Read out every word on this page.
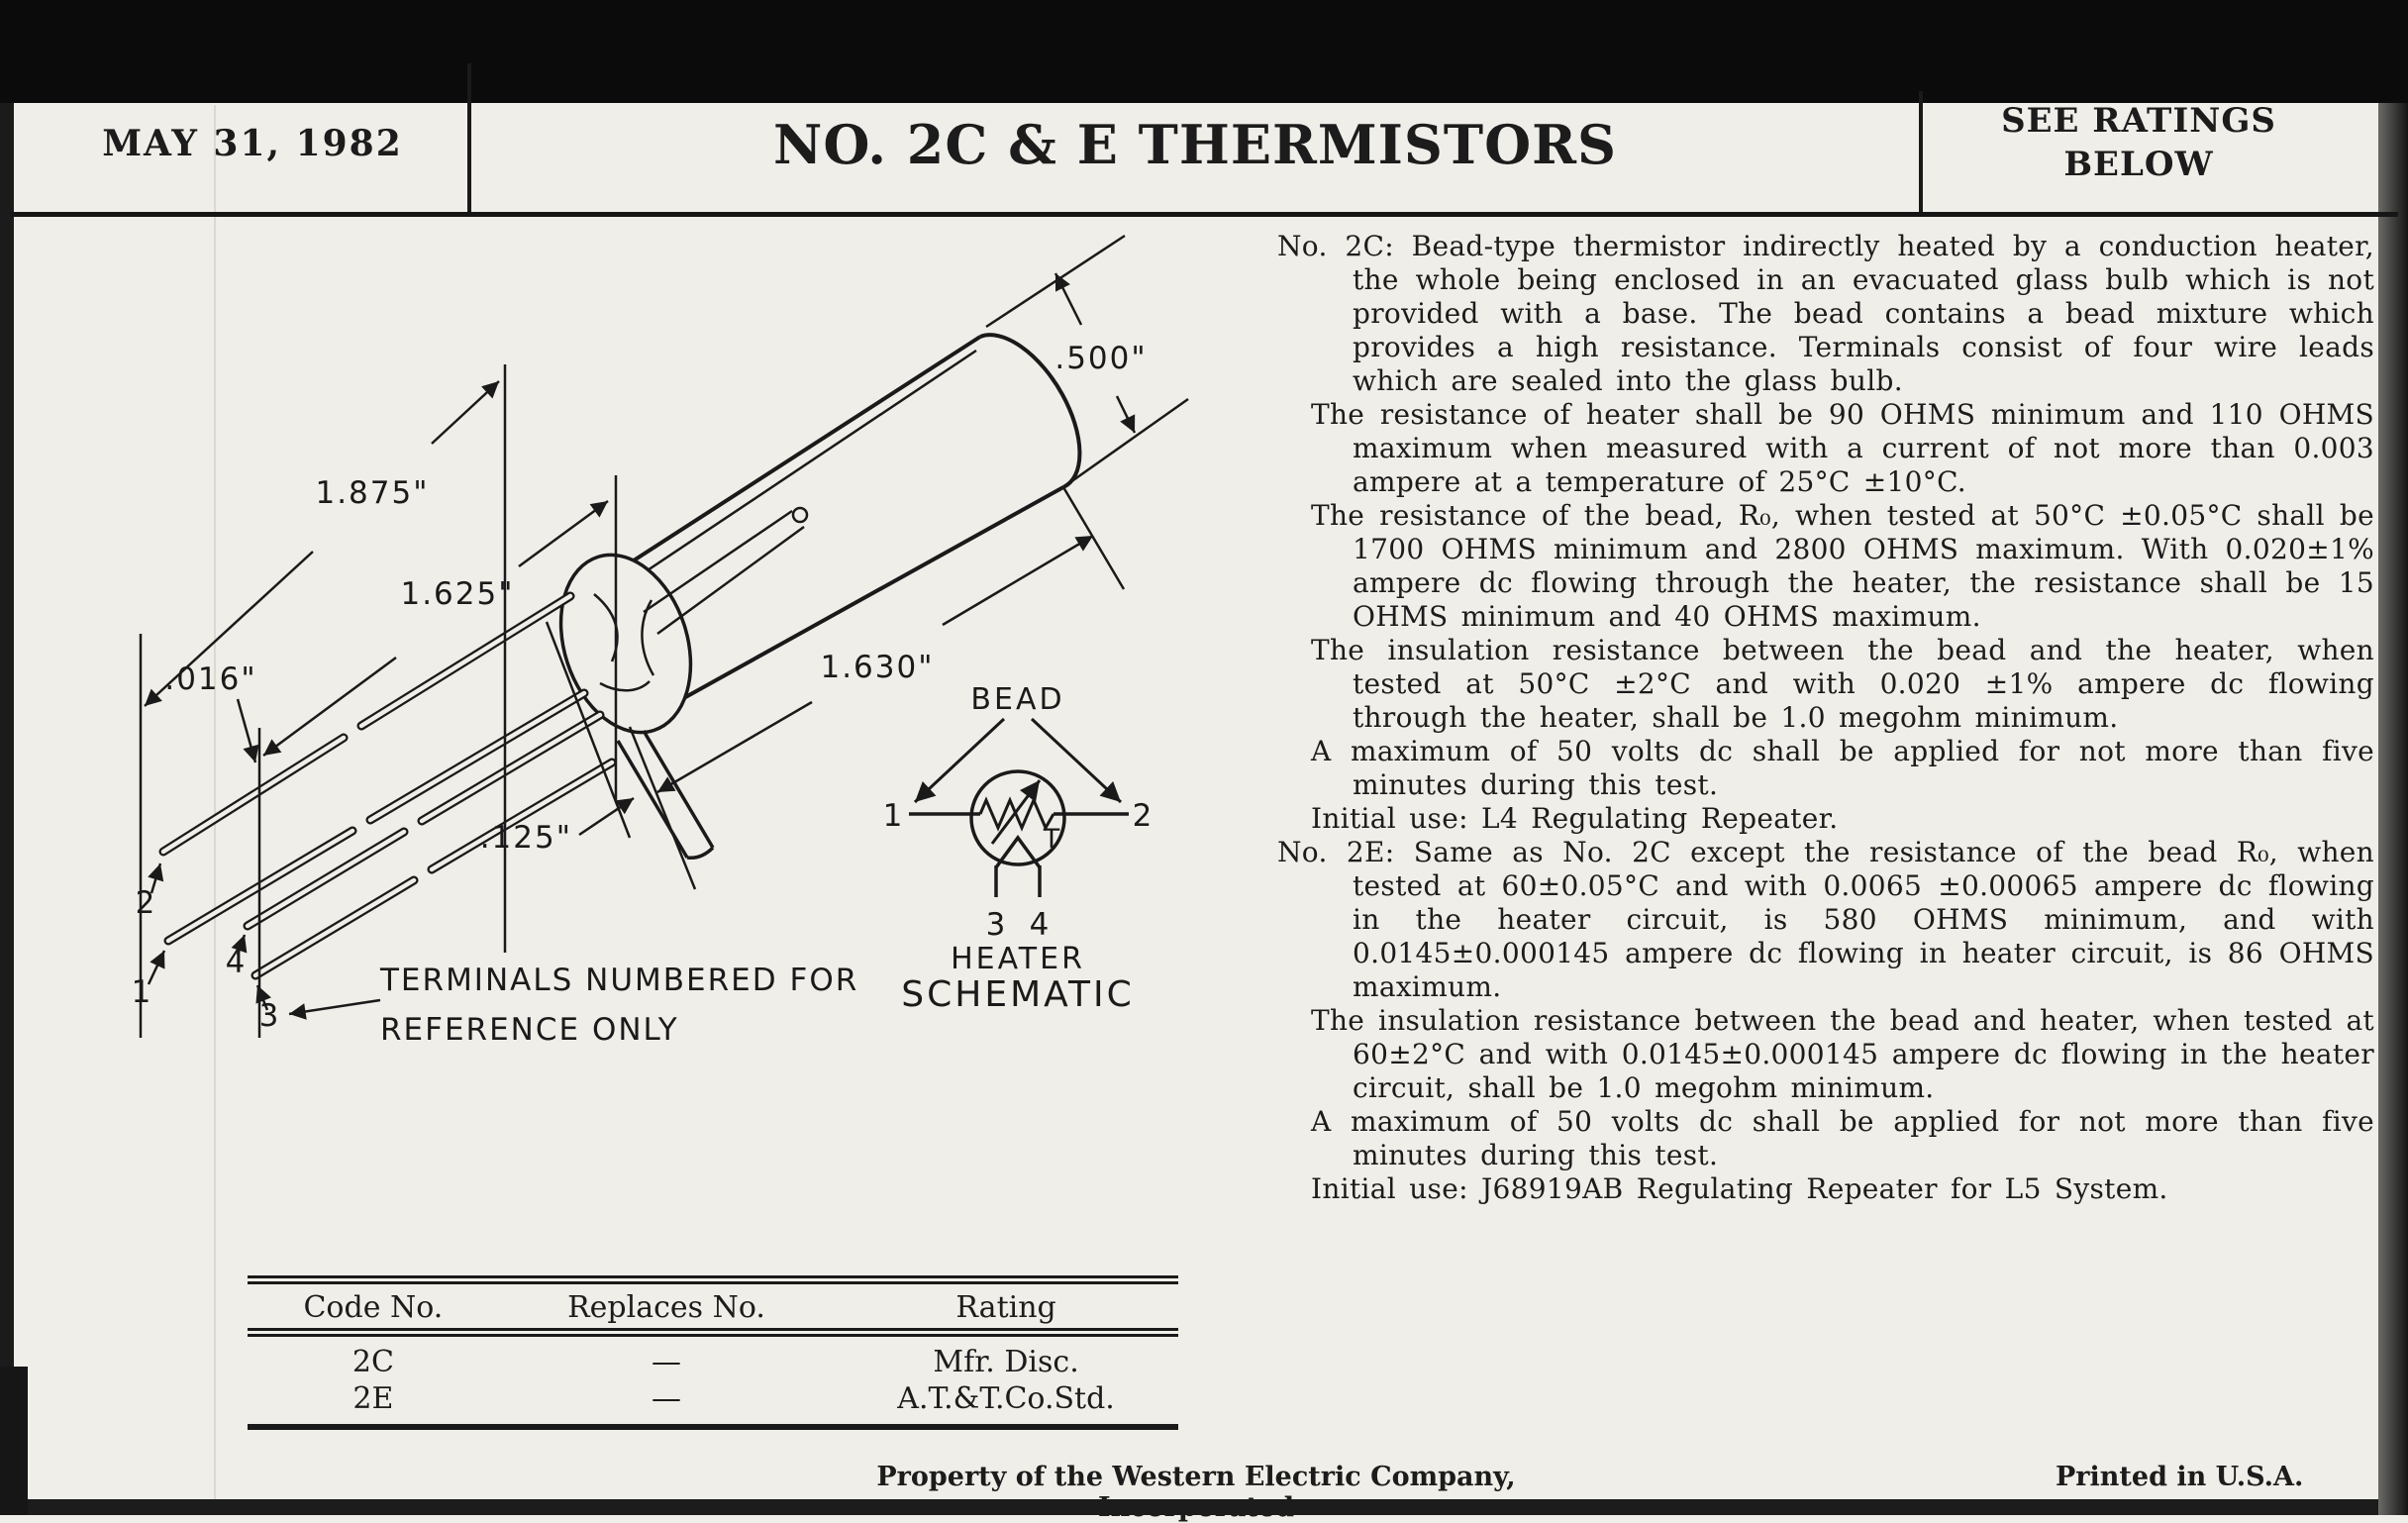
MAY 31, 1982	NO. 2C & E THERMISTORS	SEE RATINGS
BELOW
1.875"
1.625"
1.630"
.500"
.016"
.125"
2
1
4
3
TERMINALS NUMBERED FOR
REFERENCE ONLY
BEAD
1	2
T
3 4
HEATER
SCHEMATIC

No. 2C: Bead-type thermistor indirectly heated by a conduction heater, the whole being enclosed in an evacuated glass bulb which is not provided with a base. The bead contains a bead mixture which provides a high resistance. Terminals consist of four wire leads which are sealed into the glass bulb.

The resistance of heater shall be 90 OHMS minimum and 110 OHMS maximum when measured with a current of not more than 0.003 ampere at a temperature of 25°C ±10°C.

The resistance of the bead, R₀, when tested at 50°C ±0.05°C shall be 1700 OHMS minimum and 2800 OHMS maximum. With 0.020±1% ampere dc flowing through the heater, the resistance shall be 15 OHMS minimum and 40 OHMS maximum.

The insulation resistance between the bead and the heater, when tested at 50°C ±2°C and with 0.020 ±1% ampere dc flowing through the heater, shall be 1.0 megohm minimum.

A maximum of 50 volts dc shall be applied for not more than five minutes during this test.

Initial use: L4 Regulating Repeater.

No. 2E: Same as No. 2C except the resistance of the bead R₀, when tested at 60±0.05°C and with 0.0065 ±0.00065 ampere dc flowing in the heater circuit, is 580 OHMS minimum, and with 0.0145±0.000145 ampere dc flowing in heater circuit, is 86 OHMS maximum.

The insulation resistance between the bead and heater, when tested at 60±2°C and with 0.0145±0.000145 ampere dc flowing in the heater circuit, shall be 1.0 megohm minimum.

A maximum of 50 volts dc shall be applied for not more than five minutes during this test.

Initial use: J68919AB Regulating Repeater for L5 System.

Code No.	Replaces No.	Rating
2C	—	Mfr. Disc.
2E	—	A.T.&T.Co.Std.
Property of the Western Electric Company, Incorporated
Printed in U.S.A.
